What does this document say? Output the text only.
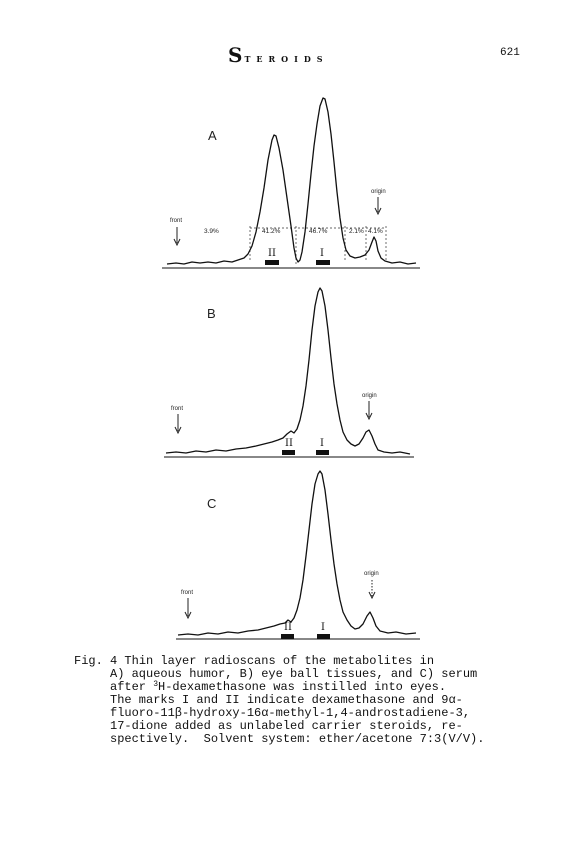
STEROIDS	621
A
front
origin
3.9%	41.2%	46.7%	2.1% 4.1%
II	I
B
front
origin
II	I
C
front
origin
II	I
Fig. 4 Thin layer radioscans of the metabolites in
A) aqueous humor, B) eye ball tissues, and C) serum
after $^3$H-dexamethasone was instilled into eyes.
The marks I and II indicate dexamethasone and 9α-
fluoro-11β-hydroxy-16α-methyl-1,4-androstadiene-3,
17-dione added as unlabeled carrier steroids, re-
spectively.  Solvent system: ether/acetone 7:3(V/V).
